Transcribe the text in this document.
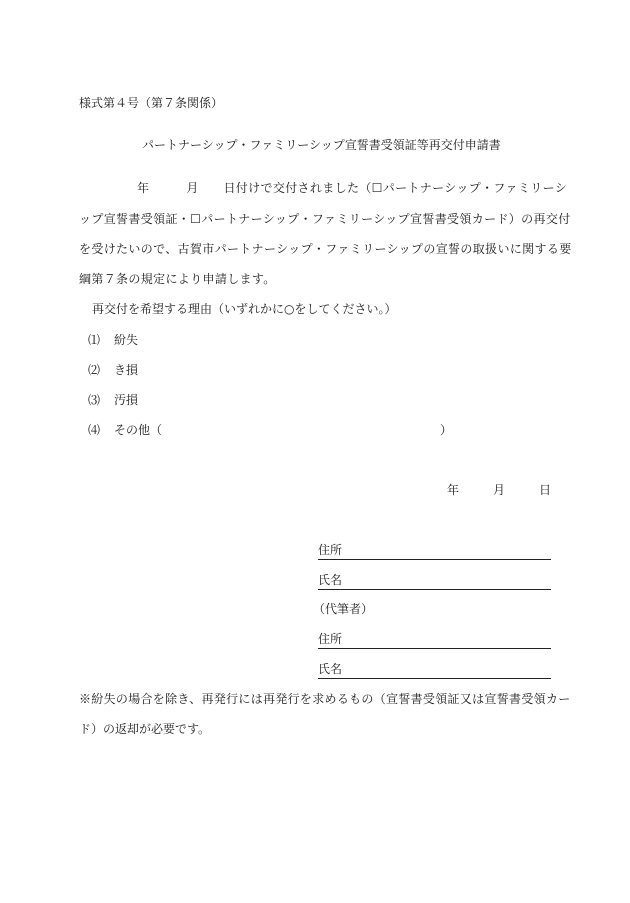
様式第４号（第７条関係）
パートナーシップ・ファミリーシップ宣誓書受領証等再交付申請書
年　　　月　　日付けで交付されました（☐パートナーシップ・ファミリーシ
ップ宣誓書受領証・☐パートナーシップ・ファミリーシップ宣誓書受領カード）の再交付
を受けたいので、古賀市パートナーシップ・ファミリーシップの宣誓の取扱いに関する要
綱第７条の規定により申請します。
再交付を希望する理由（いずれかに○をしてください。）
⑴ 紛失
⑵ き損
⑶ 汚損
⑷ その他（	）
年	月	日
住所
氏名
（代筆者）
住所
氏名
※紛失の場合を除き、再発行には再発行を求めるもの（宣誓書受領証又は宣誓書受領カー
ド）の返却が必要です。
